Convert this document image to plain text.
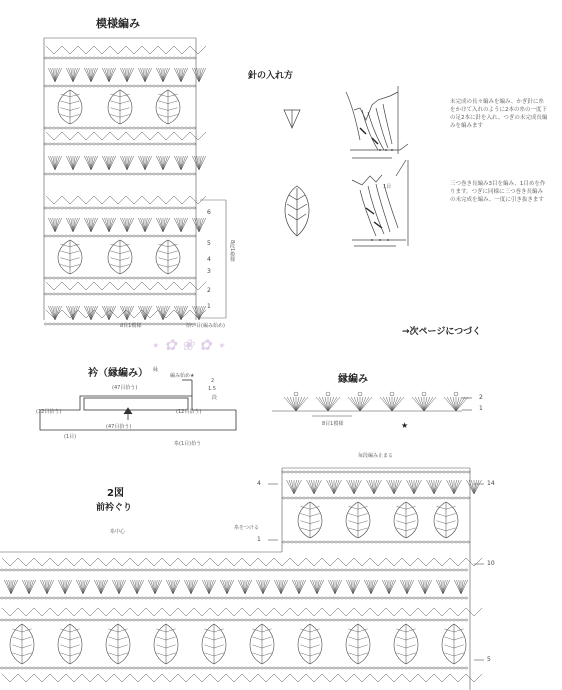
模様編み
6
5
4
3
2
1
8段1模様
8目1模様	拾い目(編み始め)
針の入れ方
未完成の長々編みを編み、かぎ針に糸をかけて入れのように2本の糸の一度下の足2本に針を入れ、つぎの未完成長編みを編みます
1目	三つ巻き長編み3目を編み、1目めを作ります。つぎに同様に三つ巻き長編みの未完成を編み、一度に引き抜きます
→次ページにつづく
⋆ ✿ ❀ ✿ ⋆
衿（縁編み） 縁
編み始め★
(47目拾う)
(12目拾う)	(12目拾う)
(47目拾う)
(1目)
糸(1目)拾う
2
1.5
段
縁編み
★
2
1
8目1模様
2図
前衿ぐり
糸中心
糸をつける
毎段編み止まる
4
1
14
10
5
